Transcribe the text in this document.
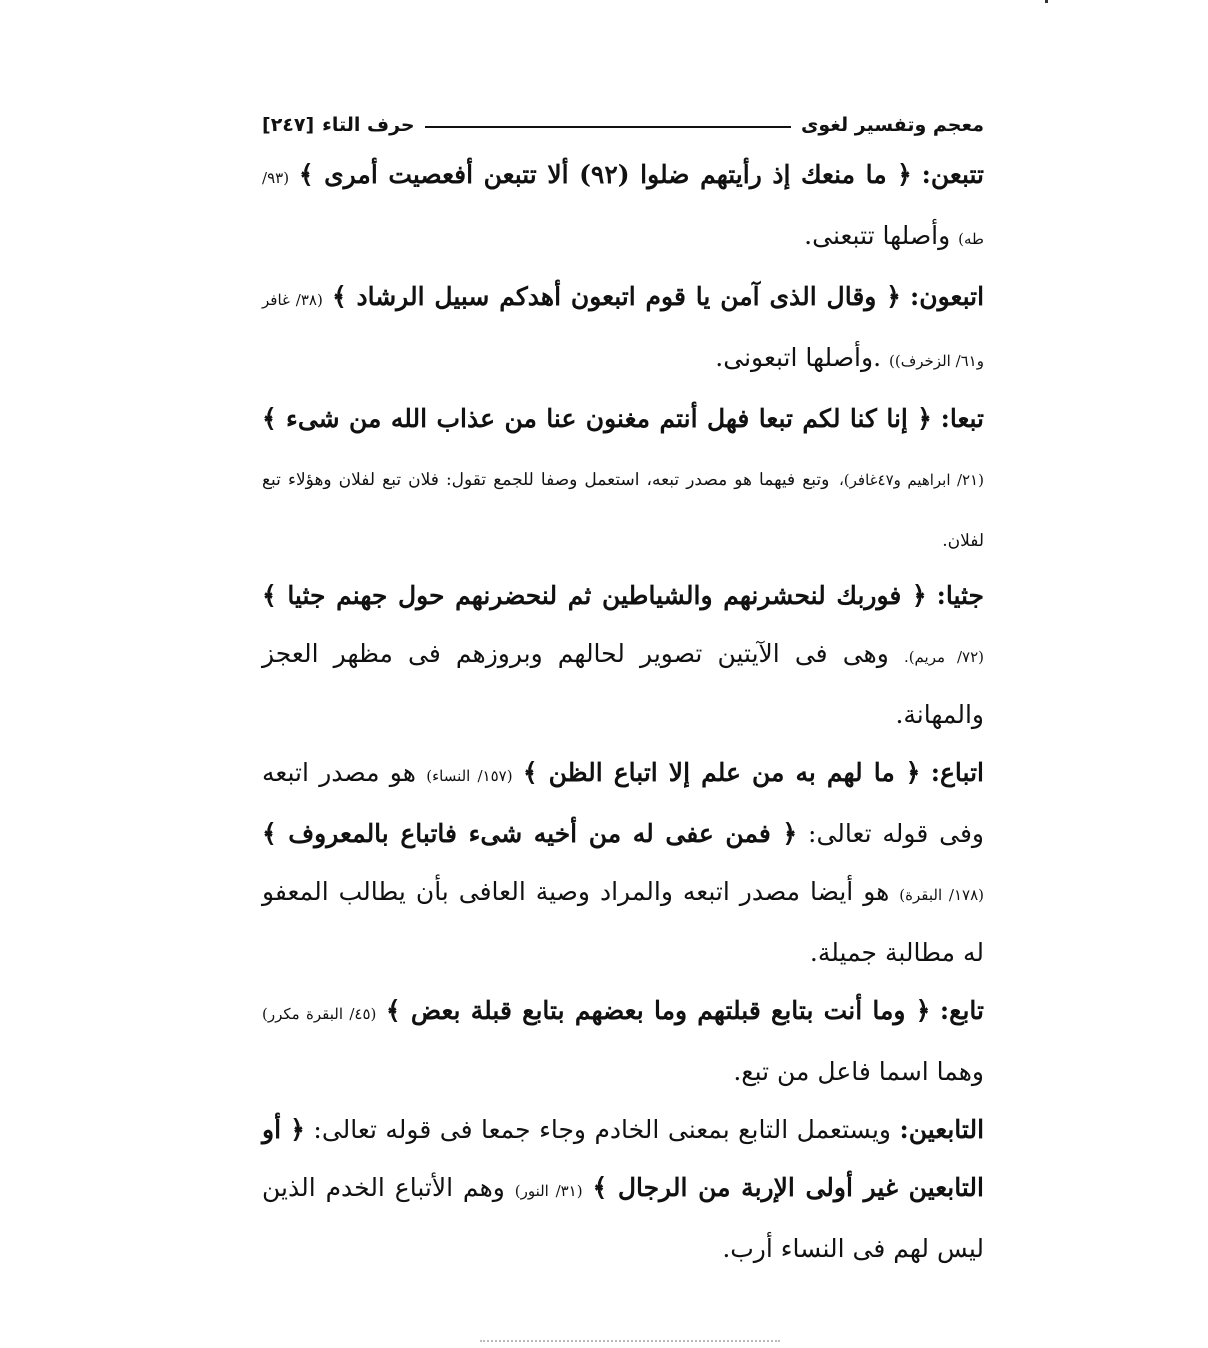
معجم وتفسير لغوى
حرف التاء
[٢٤٧]

تتبعن: ﴿ ما منعك إذ رأيتهم ضلوا (٩٢) ألا تتبعن أفعصيت أمرى ﴾ (٩٣/ طه) وأصلها تتبعنى.

اتبعون: ﴿ وقال الذى آمن يا قوم اتبعون أهدكم سبيل الرشاد ﴾ (٣٨/ غافر و٦١/ الزخرف)) .وأصلها اتبعونى.

تبعا: ﴿ إنا كنا لكم تبعا فهل أنتم مغنون عنا من عذاب الله من شىء ﴾ (٢١/ ابراهيم و٤٧غافر)، وتبع فيهما هو مصدر تبعه، استعمل وصفا للجمع تقول: فلان تبع لفلان وهؤلاء تبع لفلان.

جثيا: ﴿ فوربك لنحشرنهم والشياطين ثم لنحضرنهم حول جهنم جثيا ﴾ (٧٢/ مريم). وهى فى الآيتين تصوير لحالهم وبروزهم فى مظهر العجز والمهانة.

اتباع: ﴿ ما لهم به من علم إلا اتباع الظن ﴾ (١٥٧/ النساء) هو مصدر اتبعه وفى قوله تعالى: ﴿ فمن عفى له من أخيه شىء فاتباع بالمعروف ﴾ (١٧٨/ البقرة) هو أيضا مصدر اتبعه والمراد وصية العافى بأن يطالب المعفو له مطالبة جميلة.

تابع: ﴿ وما أنت بتابع قبلتهم وما بعضهم بتابع قبلة بعض ﴾ (٤٥/ البقرة مكرر) وهما اسما فاعل من تبع.

التابعين: ويستعمل التابع بمعنى الخادم وجاء جمعا فى قوله تعالى: ﴿ أو التابعين غير أولى الإربة من الرجال ﴾ (٣١/ النور) وهم الأتباع الخدم الذين ليس لهم فى النساء أرب.
